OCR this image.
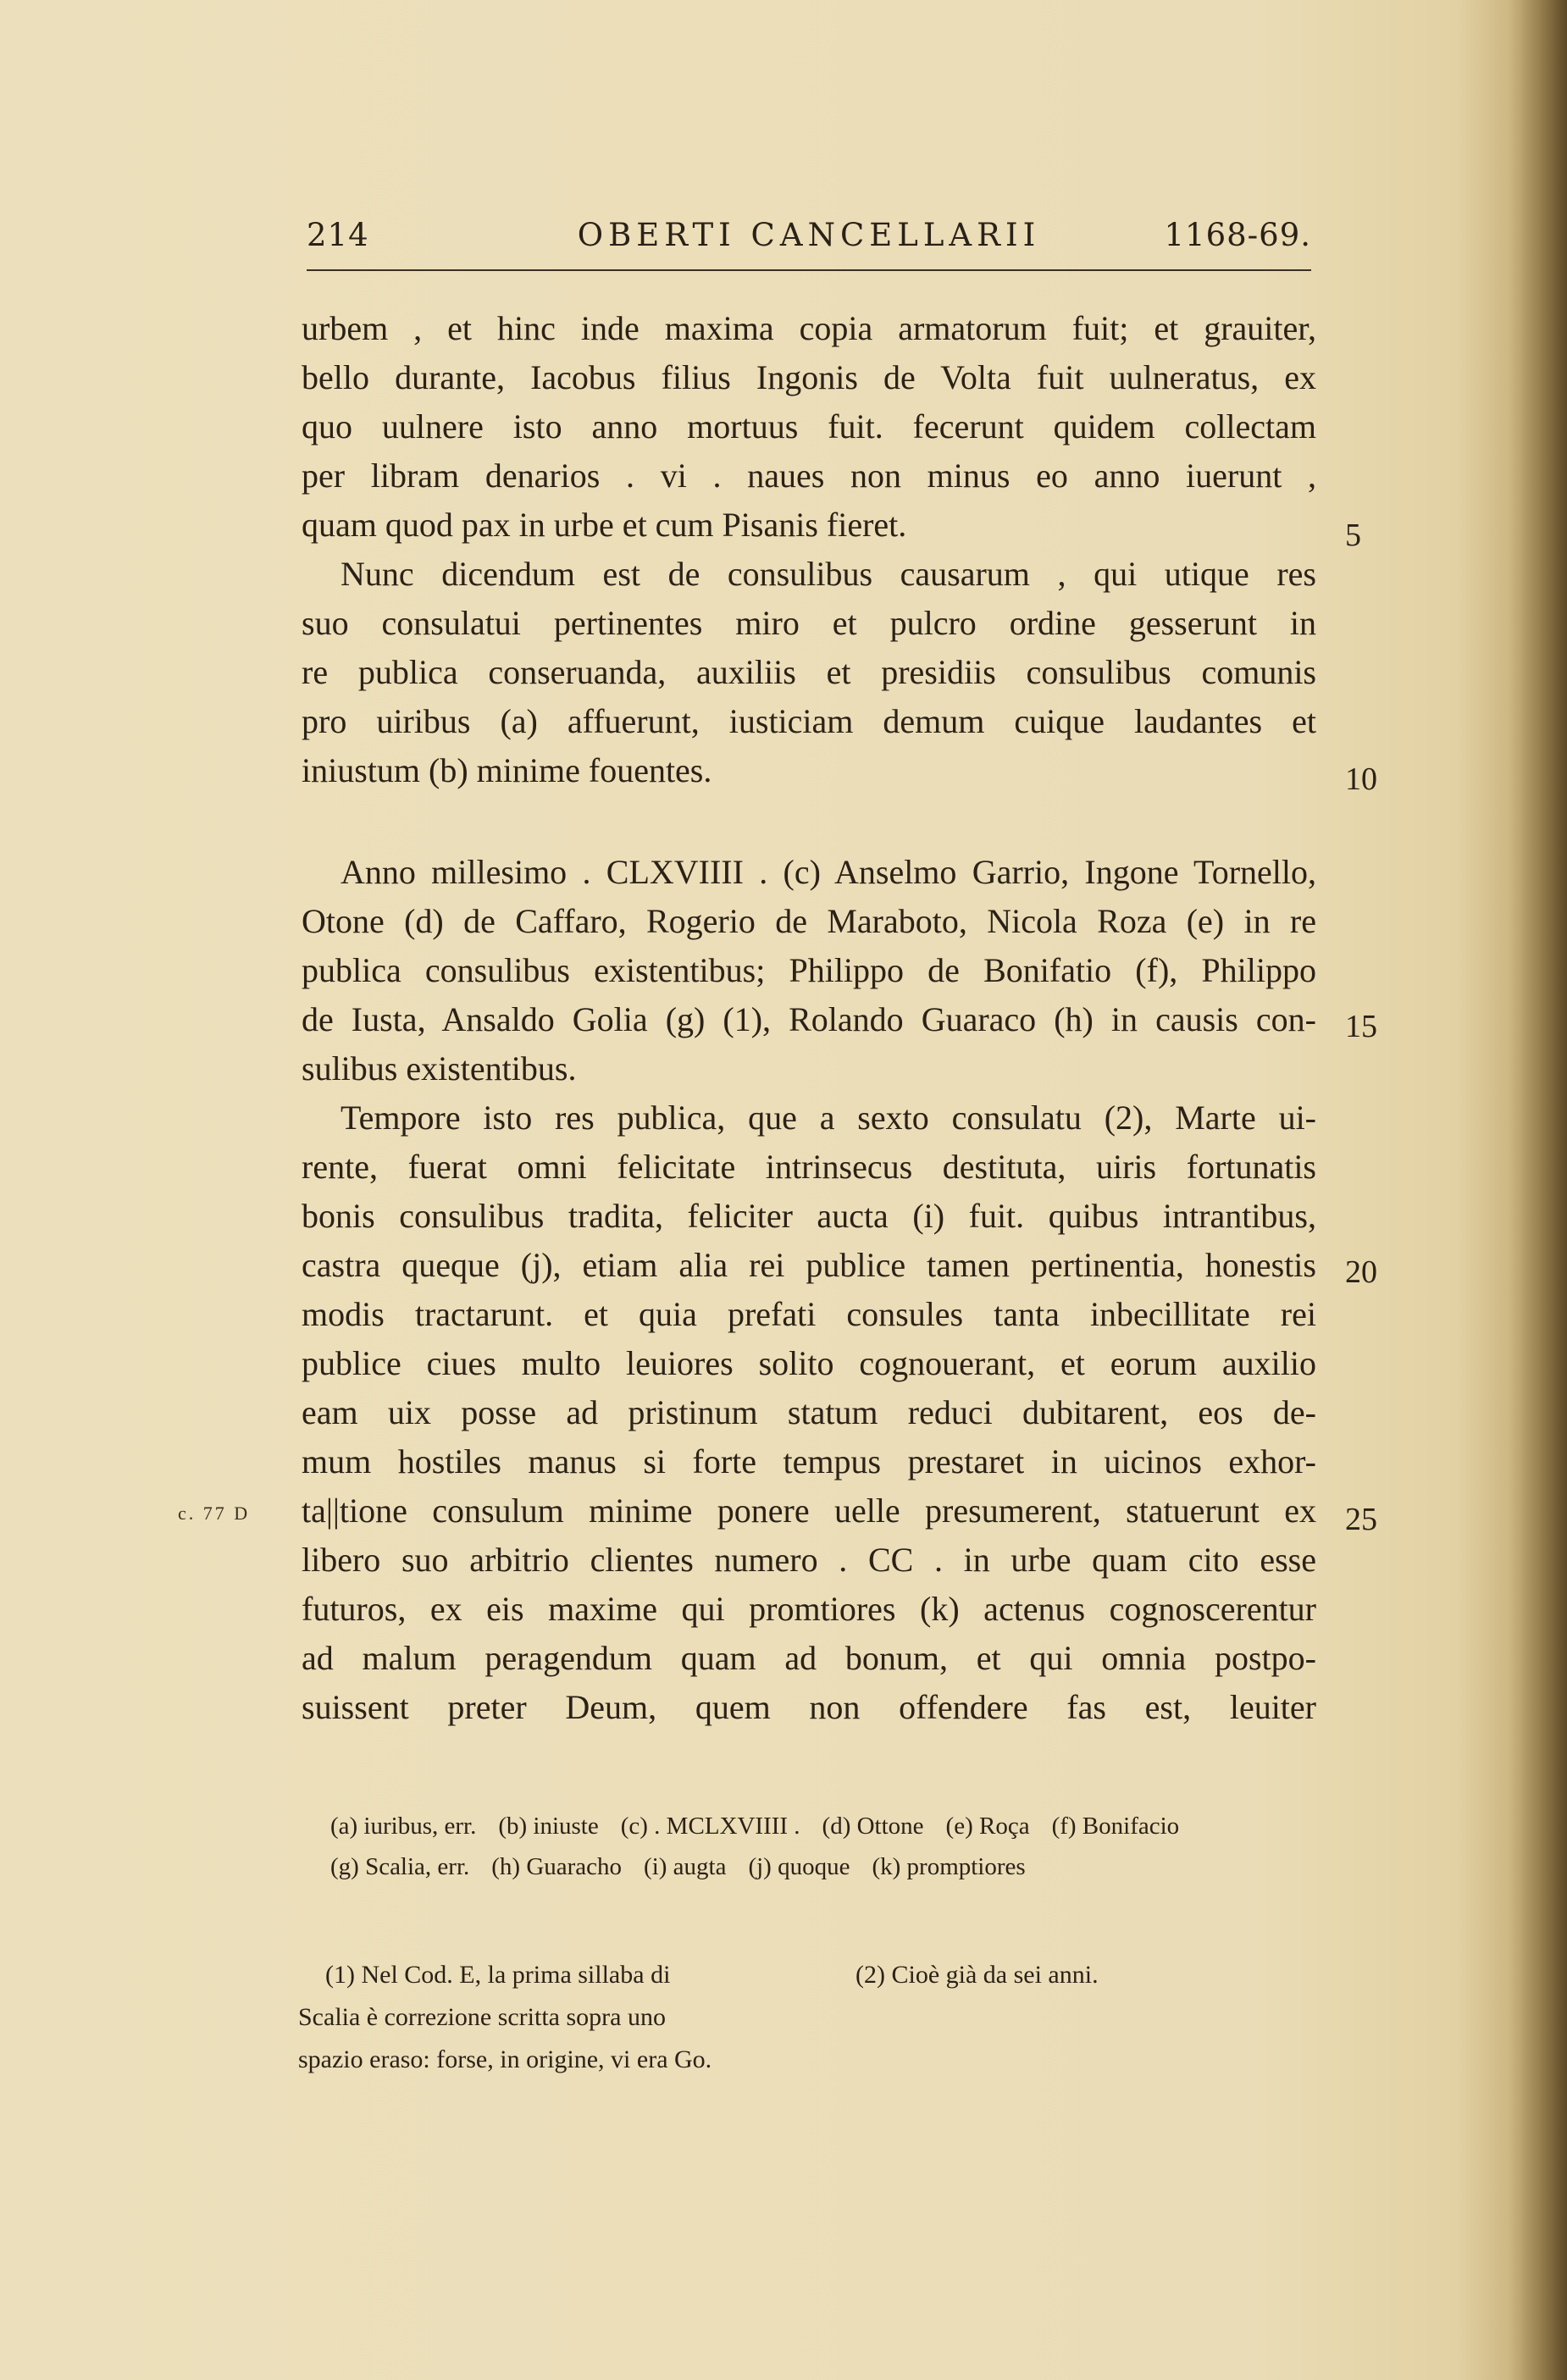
214	OBERTI CANCELLARII	1168-69.
urbem , et hinc inde maxima copia armatorum fuit; et grauiter,
bello durante, Iacobus filius Ingonis de Volta fuit uulneratus, ex
quo uulnere isto anno mortuus fuit. fecerunt quidem collectam
per libram denarios . vi . naues non minus eo anno iuerunt ,
quam quod pax in urbe et cum Pisanis fieret.
Nunc dicendum est de consulibus causarum , qui utique res
suo consulatui pertinentes miro et pulcro ordine gesserunt in
re publica conseruanda, auxiliis et presidiis consulibus comunis
pro uiribus (a) affuerunt, iusticiam demum cuique laudantes et
iniustum (b) minime fouentes.
Anno millesimo . CLXVIIII . (c) Anselmo Garrio, Ingone Tornello,
Otone (d) de Caffaro, Rogerio de Maraboto, Nicola Roza (e) in re
publica consulibus existentibus; Philippo de Bonifatio (f), Philippo
de Iusta, Ansaldo Golia (g) (1), Rolando Guaraco (h) in causis con-
sulibus existentibus.
Tempore isto res publica, que a sexto consulatu (2), Marte ui-
rente, fuerat omni felicitate intrinsecus destituta, uiris fortunatis
bonis consulibus tradita, feliciter aucta (i) fuit. quibus intrantibus,
castra queque (j), etiam alia rei publice tamen pertinentia, honestis
modis tractarunt. et quia prefati consules tanta inbecillitate rei
publice ciues multo leuiores solito cognouerant, et eorum auxilio
eam uix posse ad pristinum statum reduci dubitarent, eos de-
mum hostiles manus si forte tempus prestaret in uicinos exhor-
ta||tione consulum minime ponere uelle presumerent, statuerunt ex
libero suo arbitrio clientes numero . CC . in urbe quam cito esse
futuros, ex eis maxime qui promtiores (k) actenus cognoscerentur
ad malum peragendum quam ad bonum, et qui omnia postpo-
suissent preter Deum, quem non offendere fas est, leuiter
5
10
15
20
25
c. 77 D
(a) iuribus, err. (b) iniuste (c) . MCLXVIIII . (d) Ottone (e) Roça (f) Bonifacio
(g) Scalia, err. (h) Guaracho (i) augta (j) quoque (k) promptiores
(1) Nel Cod. E, la prima sillaba di
Scalia è correzione scritta sopra uno
spazio eraso: forse, in origine, vi era Go.
(2) Cioè già da sei anni.
